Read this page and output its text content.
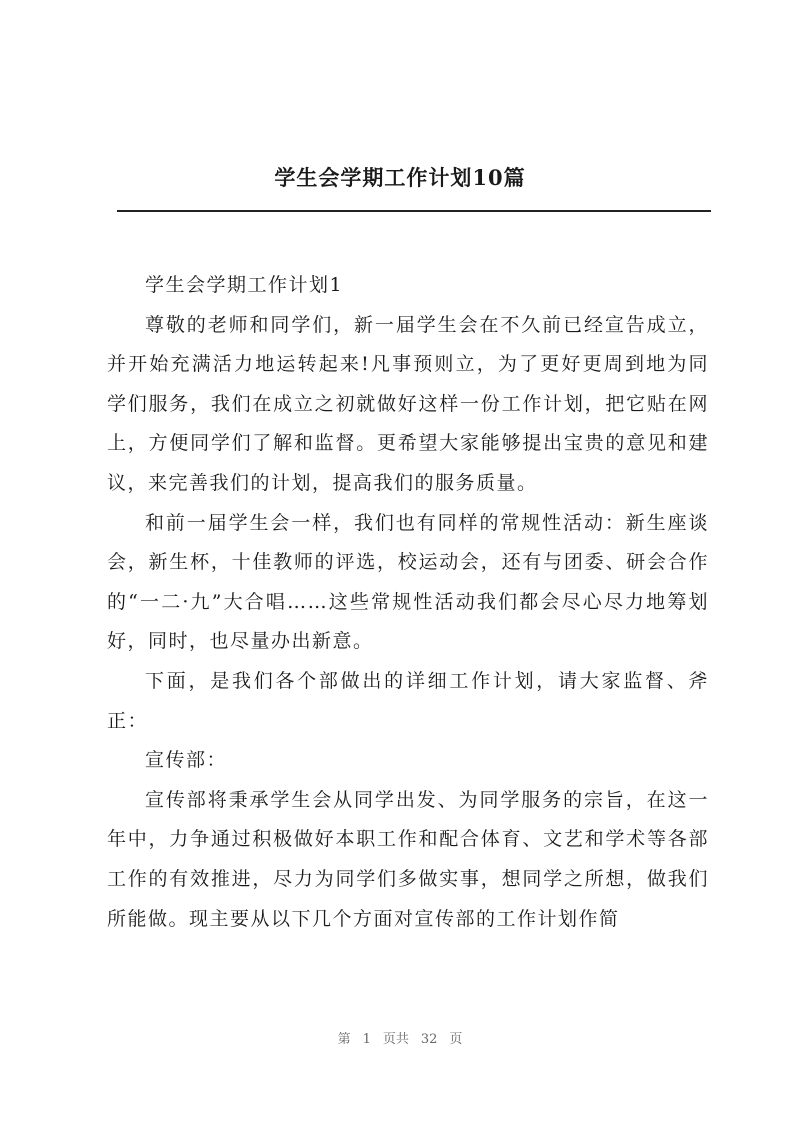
学生会学期工作计划10篇

学生会学期工作计划1

尊敬的老师和同学们，新一届学生会在不久前已经宣告成立，并开始充满活力地运转起来!凡事预则立，为了更好更周到地为同学们服务，我们在成立之初就做好这样一份工作计划，把它贴在网上，方便同学们了解和监督。更希望大家能够提出宝贵的意见和建议，来完善我们的计划，提高我们的服务质量。

和前一届学生会一样，我们也有同样的常规性活动：新生座谈会，新生杯，十佳教师的评选，校运动会，还有与团委、研会合作的“一二·九”大合唱……这些常规性活动我们都会尽心尽力地筹划好，同时，也尽量办出新意。

下面，是我们各个部做出的详细工作计划，请大家监督、斧正：

宣传部：

宣传部将秉承学生会从同学出发、为同学服务的宗旨，在这一年中，力争通过积极做好本职工作和配合体育、文艺和学术等各部工作的有效推进，尽力为同学们多做实事，想同学之所想，做我们所能做。现主要从以下几个方面对宣传部的工作计划作简

第 1 页共 32 页
